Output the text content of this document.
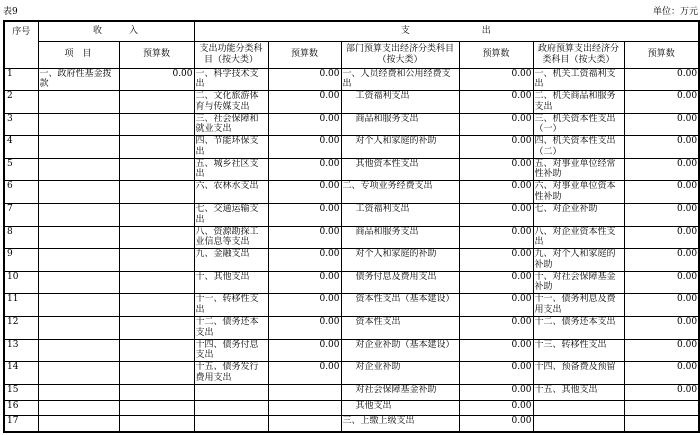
表9	单位：万元
序号	收入		支出					
	项目	预算数	支出功能分类科目（按大类）	预算数	部门预算支出经济分类科目（按大类）	预算数	政府预算支出经济分类科目（按大类）	预算数
1	一、政府性基金拨款	0.00	一、科学技术支出	0.00	一、人员经费和公用经费支出	0.00	一、机关工资福利支出	0.00
2			二、文化旅游体育与传媒支出	0.00	工资福利支出	0.00	二、机关商品和服务支出	0.00
3			三、社会保障和就业支出	0.00	商品和服务支出	0.00	三、机关资本性支出（一）	0.00
4			四、节能环保支出	0.00	对个人和家庭的补助	0.00	四、机关资本性支出（二）	0.00
5			五、城乡社区支出	0.00	其他资本性支出	0.00	五、对事业单位经常性补助	0.00
6			六、农林水支出	0.00	二、专项业务经费支出	0.00	六、对事业单位资本性补助	0.00
7			七、交通运输支出	0.00	工资福利支出	0.00	七、对企业补助	0.00
8			八、资源勘探工业信息等支出	0.00	商品和服务支出	0.00	八、对企业资本性支出	0.00
9			九、金融支出	0.00	对个人和家庭的补助	0.00	九、对个人和家庭的补助	0.00
10			十、其他支出	0.00	债务付息及费用支出	0.00	十、对社会保障基金补助	0.00
11			十一、转移性支出	0.00	资本性支出（基本建设）	0.00	十一、债务利息及费用支出	0.00
12			十二、债务还本支出	0.00	资本性支出	0.00	十二、债务还本支出	0.00
13			十四、债务付息支出	0.00	对企业补助（基本建设）	0.00	十三、转移性支出	0.00
14			十五、债务发行费用支出	0.00	对企业补助	0.00	十四、预备费及预留	0.00
15					对社会保障基金补助	0.00	十五、其他支出	0.00
16					其他支出	0.00		
17					三、上缴上级支出	0.00		
